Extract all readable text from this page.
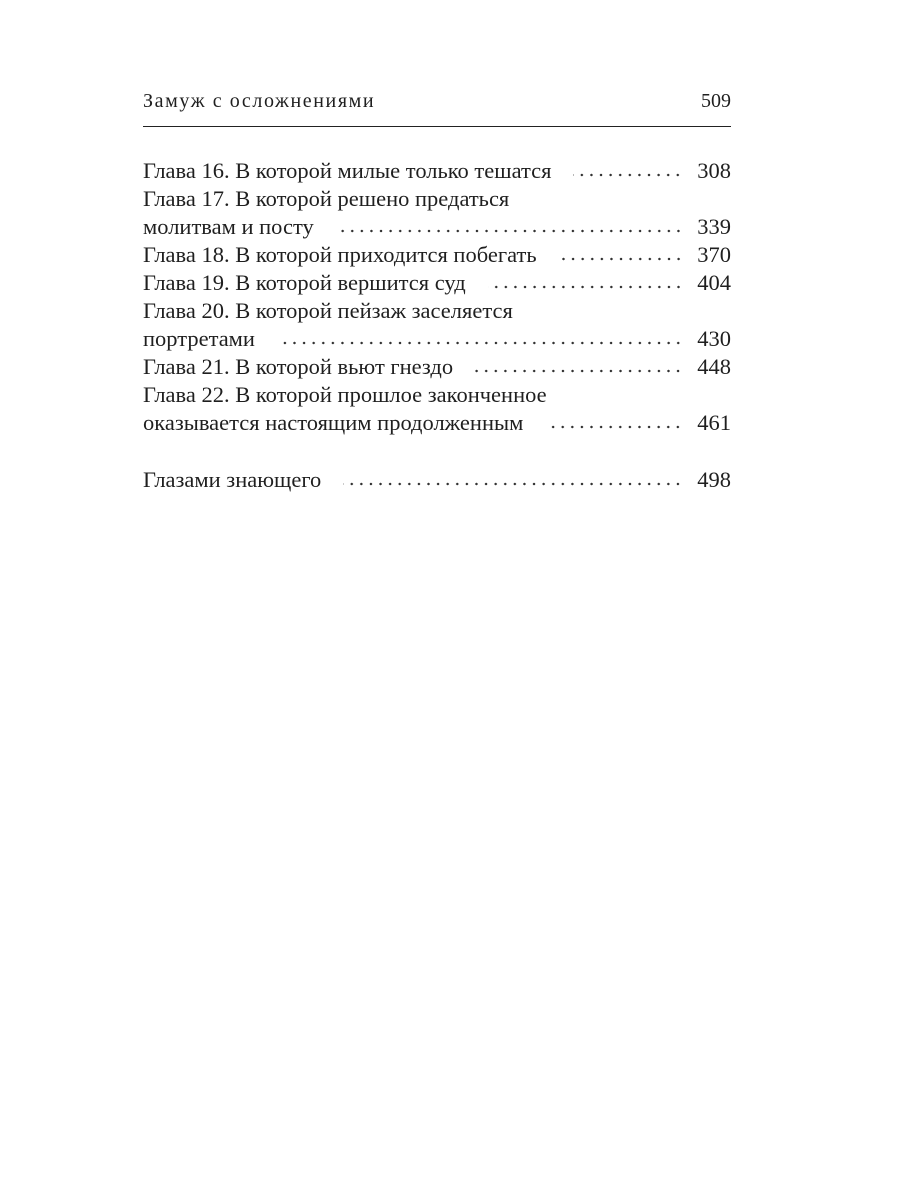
Замуж с осложнениями	509
Глава 16. В которой милые только тешатся	308
Глава 17. В которой решено предаться
молитвам и посту	339
Глава 18. В которой приходится побегать	370
Глава 19. В которой вершится суд	404
Глава 20. В которой пейзаж заселяется
портретами	430
Глава 21. В которой вьют гнездо	448
Глава 22. В которой прошлое законченное
оказывается настоящим продолженным	461
Глазами знающего	498
